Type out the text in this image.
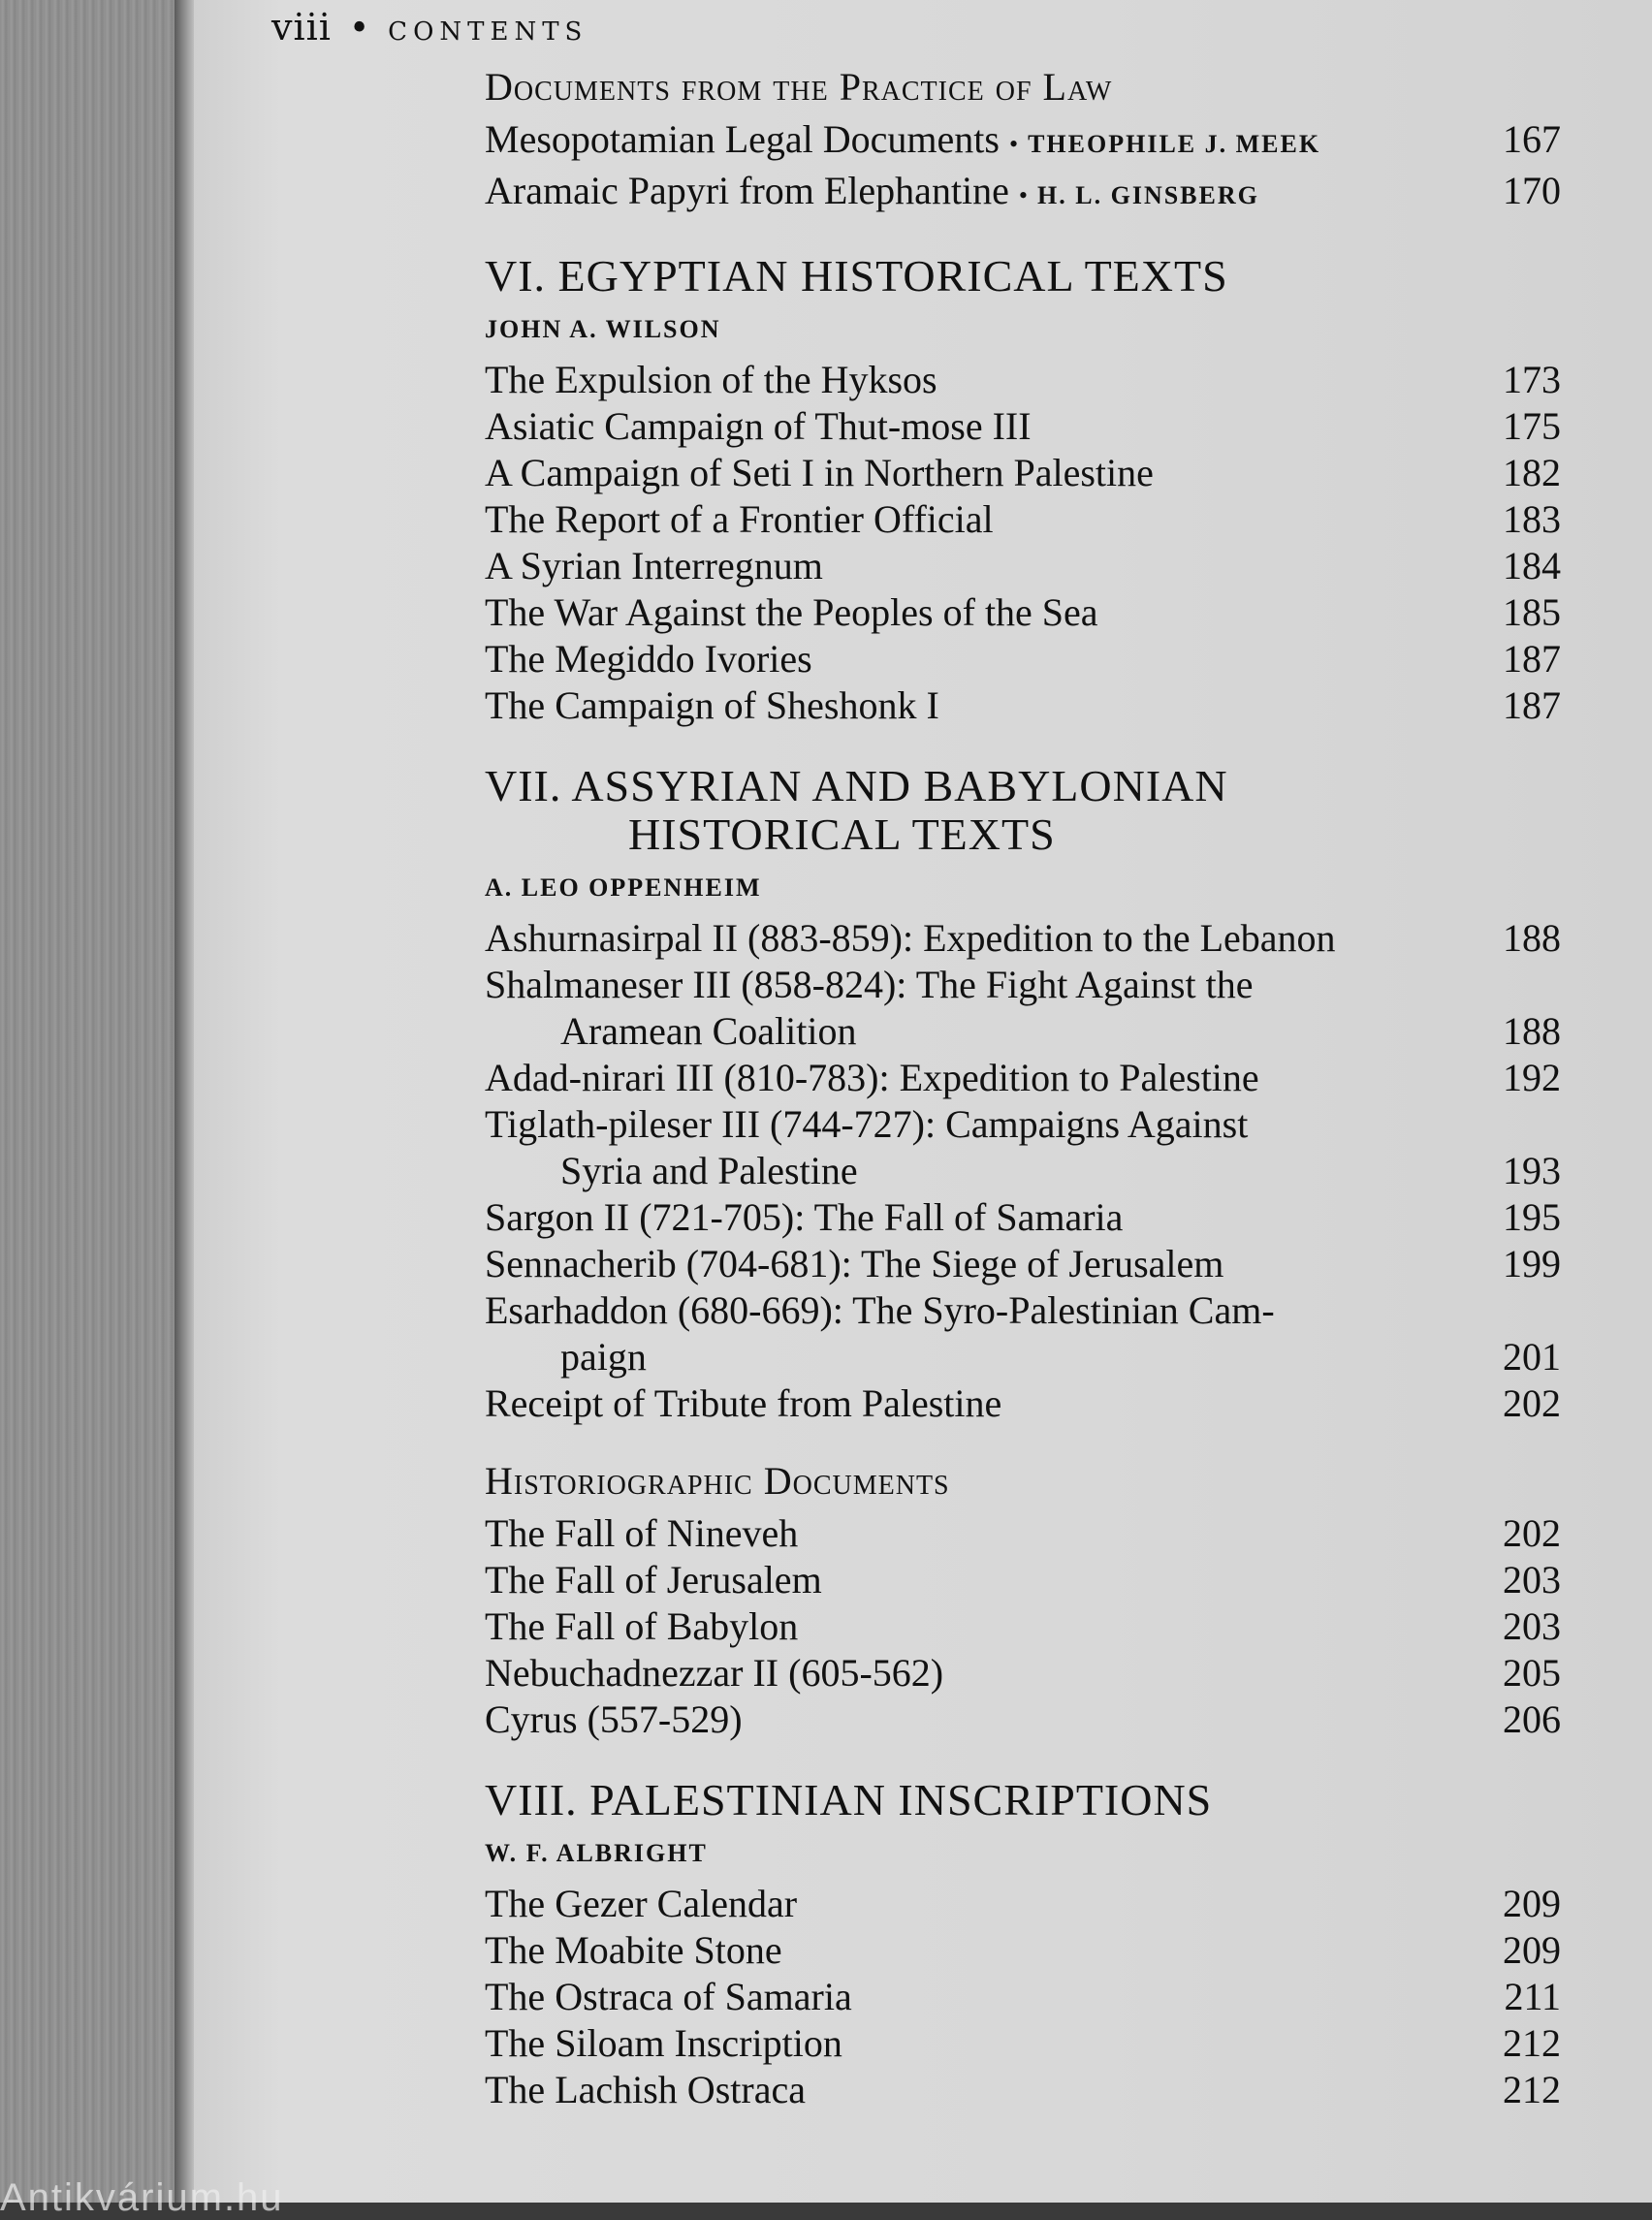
viii • CONTENTS
Documents from the Practice of Law
Mesopotamian Legal Documents • THEOPHILE J. MEEK	167
Aramaic Papyri from Elephantine • H. L. GINSBERG	170
VI. EGYPTIAN HISTORICAL TEXTS
JOHN A. WILSON
The Expulsion of the Hyksos	173
Asiatic Campaign of Thut-mose III	175
A Campaign of Seti I in Northern Palestine	182
The Report of a Frontier Official	183
A Syrian Interregnum	184
The War Against the Peoples of the Sea	185
The Megiddo Ivories	187
The Campaign of Sheshonk I	187
VII. ASSYRIAN AND BABYLONIAN
HISTORICAL TEXTS
A. LEO OPPENHEIM
Ashurnasirpal II (883-859): Expedition to the Lebanon	188
Shalmaneser III (858-824): The Fight Against the
Aramean Coalition	188
Adad-nirari III (810-783): Expedition to Palestine	192
Tiglath-pileser III (744-727): Campaigns Against
Syria and Palestine	193
Sargon II (721-705): The Fall of Samaria	195
Sennacherib (704-681): The Siege of Jerusalem	199
Esarhaddon (680-669): The Syro-Palestinian Cam-
paign	201
Receipt of Tribute from Palestine	202
Historiographic Documents
The Fall of Nineveh	202
The Fall of Jerusalem	203
The Fall of Babylon	203
Nebuchadnezzar II (605-562)	205
Cyrus (557-529)	206
VIII. PALESTINIAN INSCRIPTIONS
W. F. ALBRIGHT
The Gezer Calendar	209
The Moabite Stone	209
The Ostraca of Samaria	211
The Siloam Inscription	212
The Lachish Ostraca	212
Antikvárium.hu
